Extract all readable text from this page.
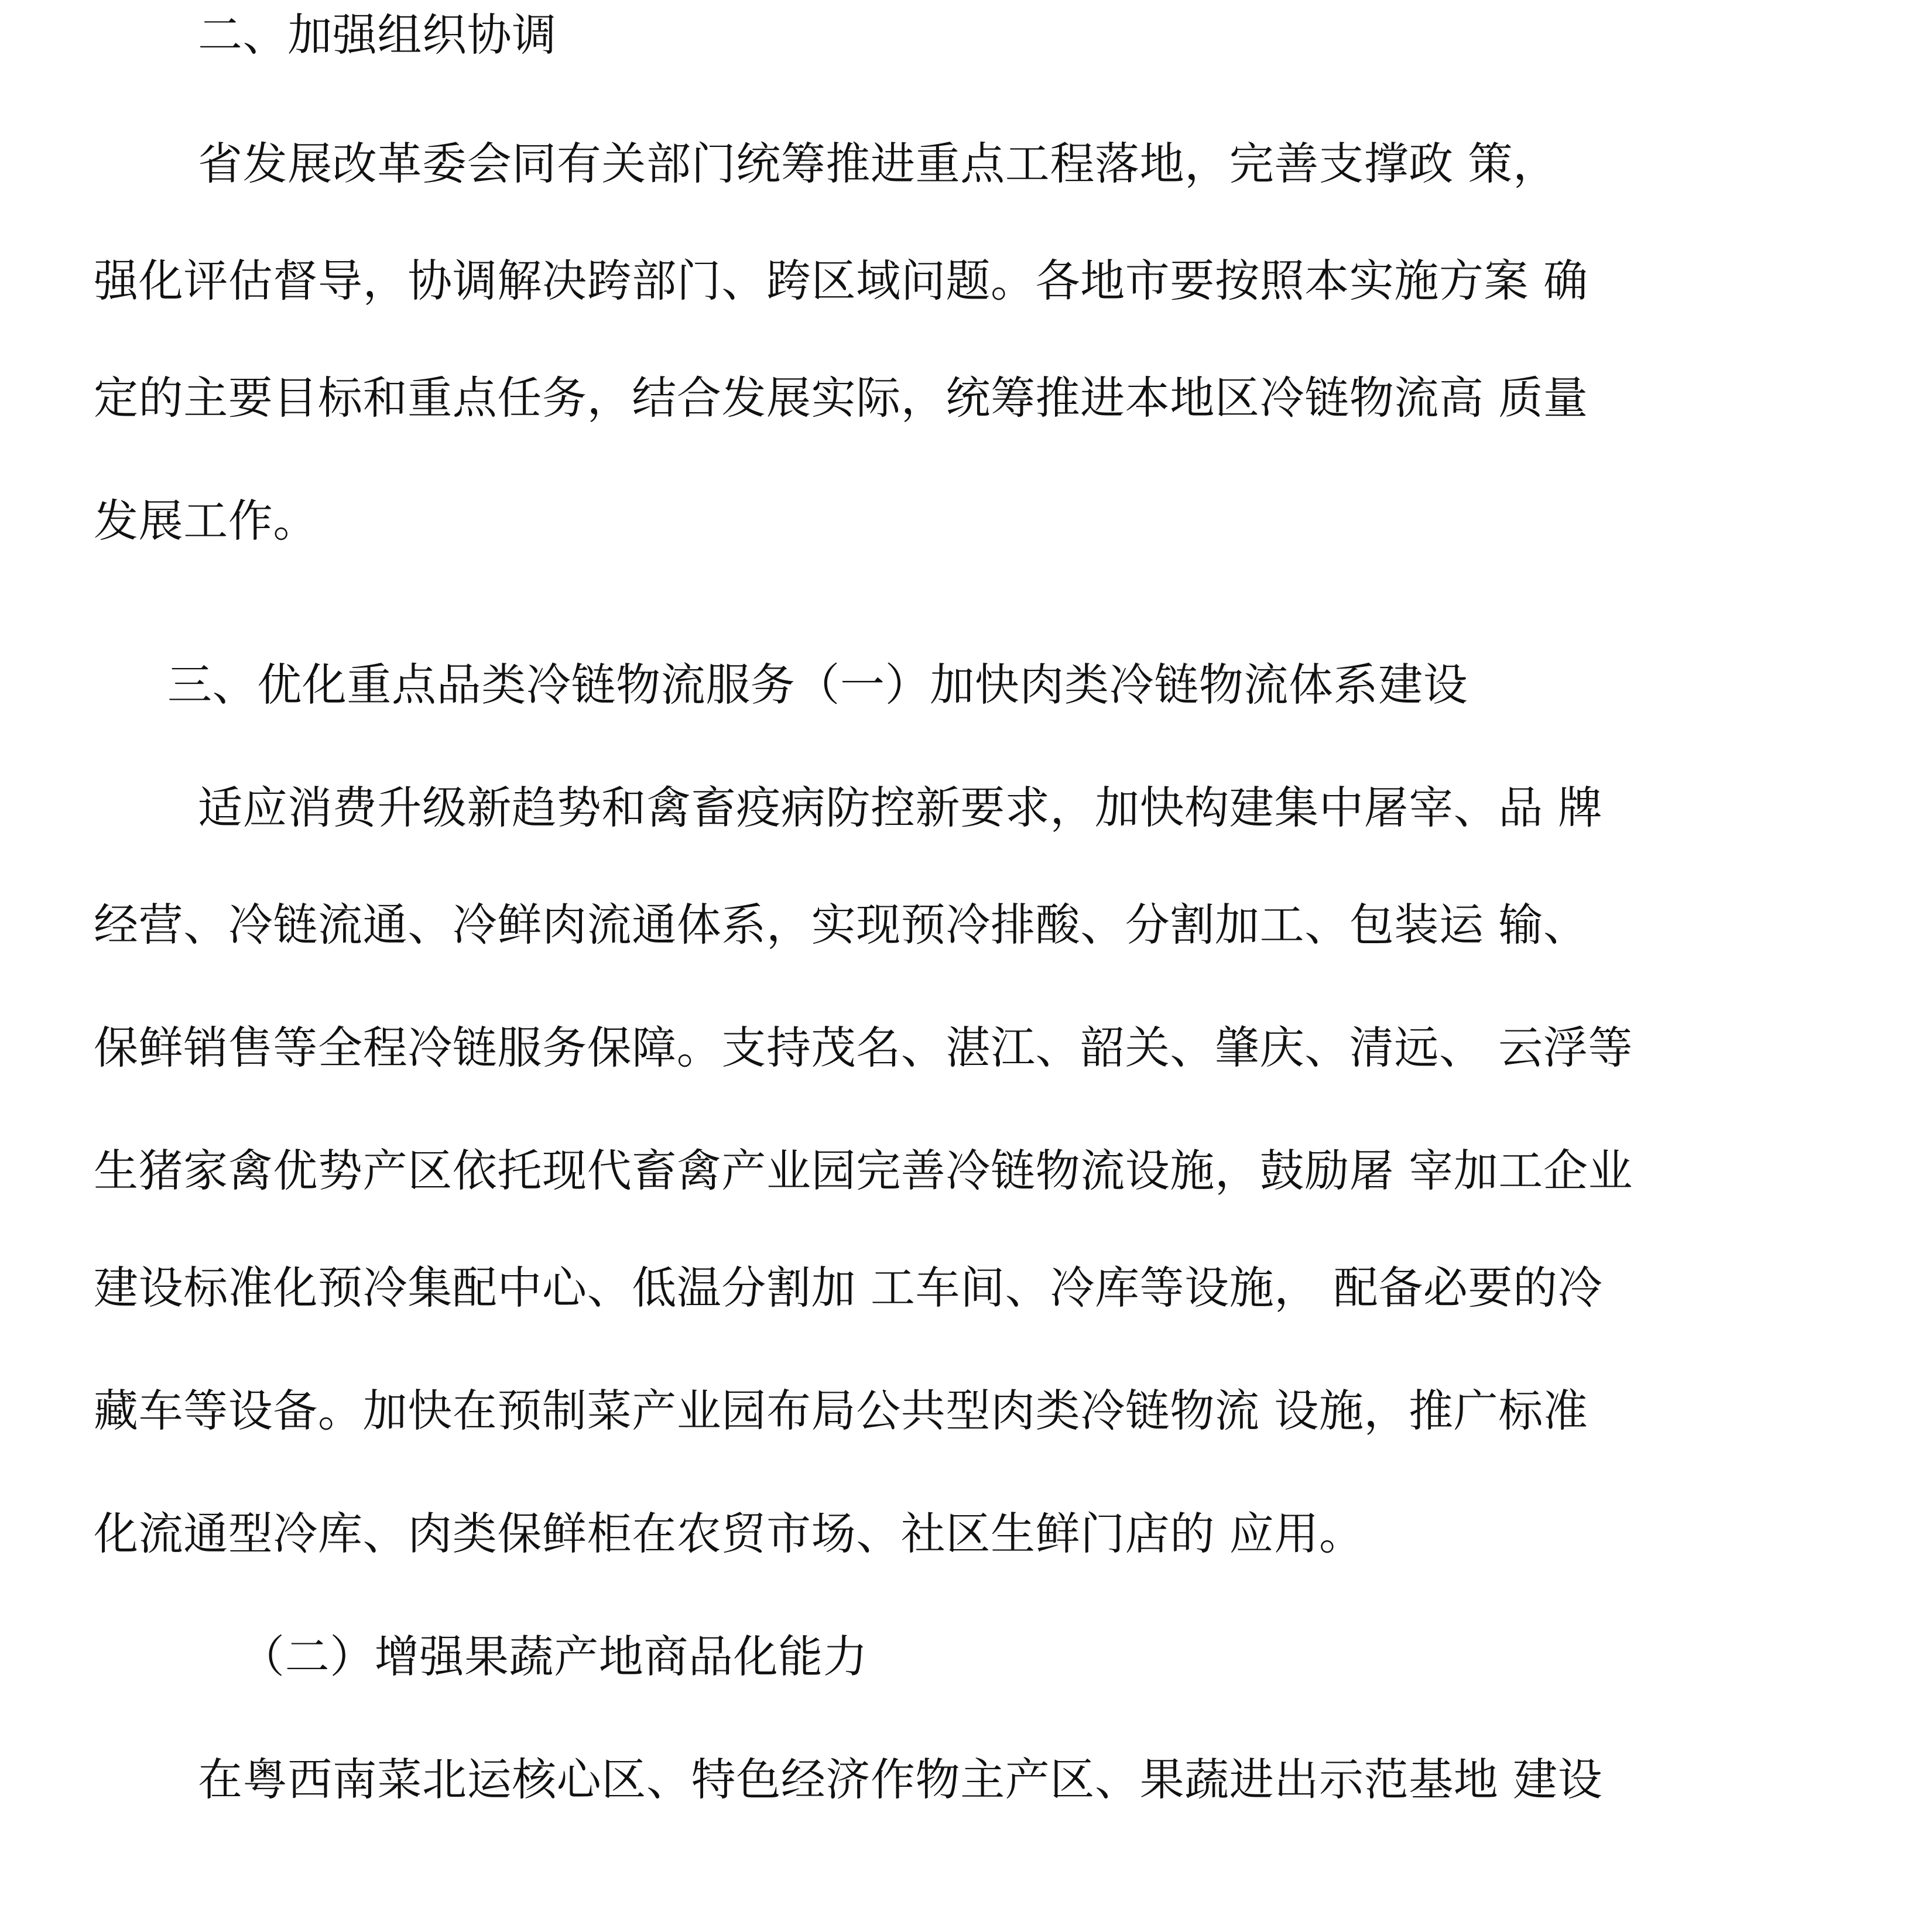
二、加强组织协调
省发展改革委会同有关部门统筹推进重点工程落地，完善支撑政 策，
强化评估督导，协调解决跨部门、跨区域问题。各地市要按照本实施方案 确
定的主要目标和重点任务，结合发展实际，统筹推进本地区冷链物流高 质量
发展工作。
三、优化重点品类冷链物流服务（一）加快肉类冷链物流体系建设
适应消费升级新趋势和禽畜疫病防控新要求，加快构建集中屠宰、品 牌
经营、冷链流通、冷鲜肉流通体系，实现预冷排酸、分割加工、包装运 输、
保鲜销售等全程冷链服务保障。支持茂名、湛江、韶关、肇庆、清远、 云浮等
生猪家禽优势产区依托现代畜禽产业园完善冷链物流设施，鼓励屠 宰加工企业
建设标准化预冷集配中心、低温分割加 工车间、冷库等设施， 配备必要的冷
藏车等设备。加快在预制菜产业园布局公共型肉类冷链物流 设施，推广标准
化流通型冷库、肉类保鲜柜在农贸市场、社区生鲜门店的 应用。
（二）增强果蔬产地商品化能力
在粤西南菜北运核心区、特色经济作物主产区、果蔬进出示范基地 建设
